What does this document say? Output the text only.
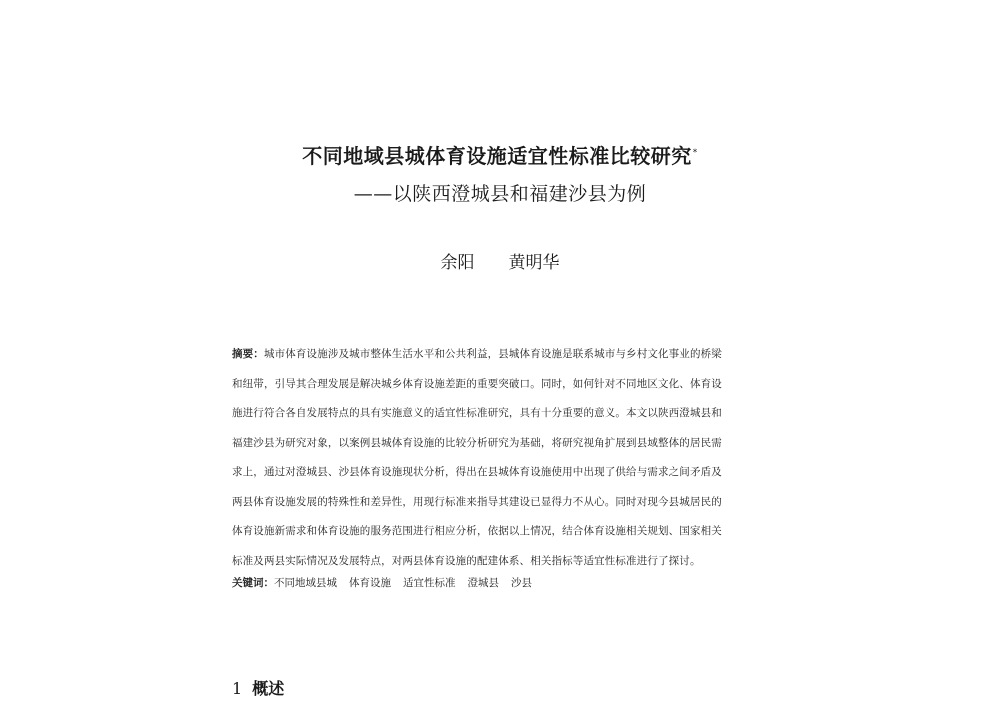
不同地域县城体育设施适宜性标准比较研究*
——以陕西澄城县和福建沙县为例
余阳 黄明华
摘要：城市体育设施涉及城市整体生活水平和公共利益，县城体育设施是联系城市与乡村文化事业的桥梁
和纽带，引导其合理发展是解决城乡体育设施差距的重要突破口。同时，如何针对不同地区文化、体育设
施进行符合各自发展特点的具有实施意义的适宜性标准研究，具有十分重要的意义。本文以陕西澄城县和
福建沙县为研究对象，以案例县城体育设施的比较分析研究为基础，将研究视角扩展到县域整体的居民需
求上，通过对澄城县、沙县体育设施现状分析，得出在县城体育设施使用中出现了供给与需求之间矛盾及
两县体育设施发展的特殊性和差异性，用现行标准来指导其建设已显得力不从心。同时对现今县城居民的
体育设施新需求和体育设施的服务范围进行相应分析，依据以上情况，结合体育设施相关规划、国家相关
标准及两县实际情况及发展特点，对两县体育设施的配建体系、相关指标等适宜性标准进行了探讨。
关键词：不同地域县城 体育设施 适宜性标准 澄城县 沙县
1 概述
